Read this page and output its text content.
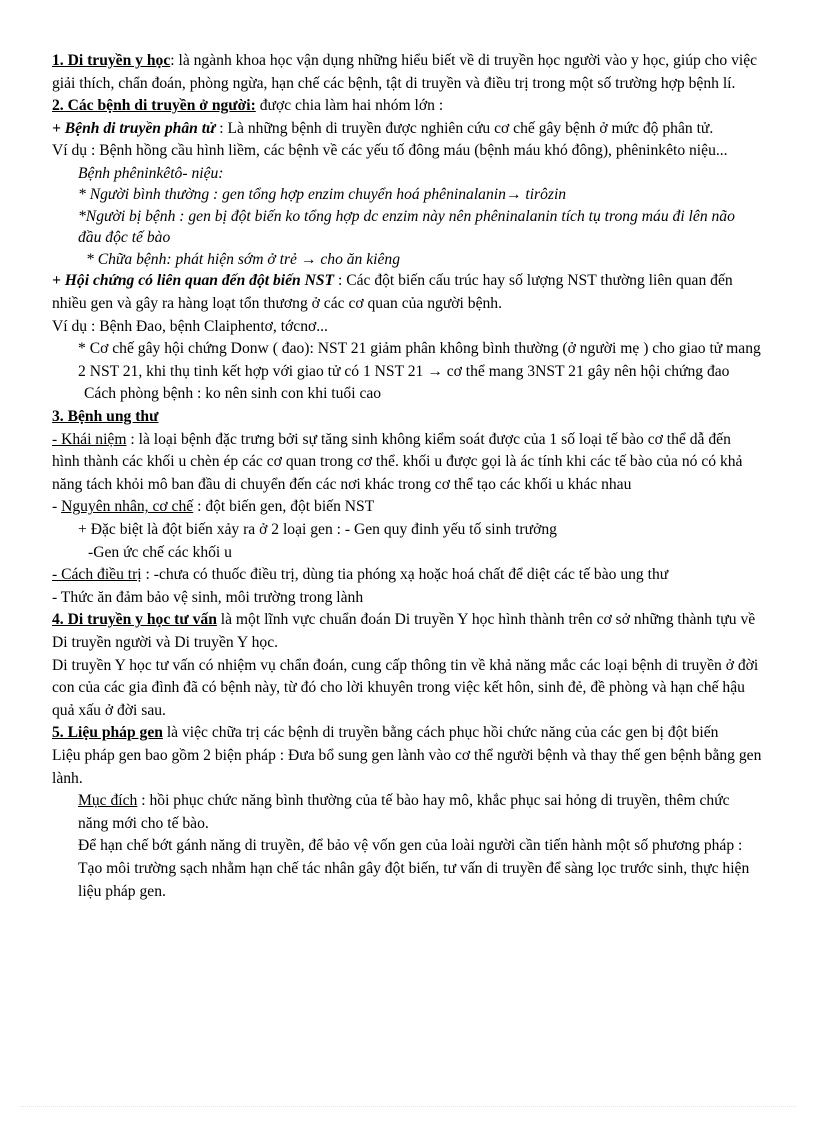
1. Di truyền y học: là ngành khoa học vận dụng những hiểu biết về di truyền học người vào y học, giúp cho việc giải thích, chẩn đoán, phòng ngừa, hạn chế các bệnh, tật di truyền và điều trị trong một số trường hợp bệnh lí.

2. Các bệnh di truyền ở người: được chia làm hai nhóm lớn :

+ Bệnh di truyền phân tử : Là những bệnh di truyền được nghiên cứu cơ chế gây bệnh ở mức độ phân tử.

Ví dụ : Bệnh hồng cầu hình liềm, các bệnh về các yếu tố đông máu (bệnh máu khó đông), phêninkêto niệu...

Bệnh phêninkêtô- niệu:

* Người bình thường : gen tổng hợp enzim chuyển hoá phêninalanin→ tirôzin

*Người bị bệnh : gen bị đột biến ko tổng hợp dc enzim này nên phêninalanin tích tụ trong máu đi lên não đầu độc tế bào

* Chữa bệnh: phát hiện sớm ở trẻ → cho ăn kiêng

+ Hội chứng có liên quan đến đột biến NST : Các đột biến cấu trúc hay số lượng NST thường liên quan đến nhiều gen và gây ra hàng loạt tổn thương ở các cơ quan của người bệnh.

Ví dụ : Bệnh Đao, bệnh Claiphentơ, tớcnơ...

* Cơ chế gây hội chứng Donw ( đao): NST 21 giảm phân không bình thường (ở người mẹ ) cho giao tử mang 2 NST 21, khi thụ tinh kết hợp với giao tử có 1 NST 21 → cơ thể mang 3NST 21 gây nên hội chứng đao

Cách phòng bệnh : ko nên sinh con khi tuổi cao

3. Bệnh ung thư

- Khái niệm : là loại bệnh đặc trưng bởi sự tăng sinh không kiểm soát được của 1 số loại tế bào cơ thể dẫ đến hình thành các khối u chèn ép các cơ quan trong cơ thể. khối u được gọi là ác tính khi các tế bào của nó có khả năng tách khỏi mô ban đầu di chuyển đến các nơi khác trong cơ thể tạo các khối u khác nhau

- Nguyên nhân, cơ chế : đột biến gen, đột biến NST

+ Đặc biệt là đột biến xảy ra ở 2 loại gen : - Gen quy đinh yếu tố sinh trưởng

-Gen ức chế các khối u

- Cách điều trị : -chưa có thuốc điều trị, dùng tia phóng xạ hoặc hoá chất để diệt các tế bào ung thư

- Thức ăn đảm bảo vệ sinh, môi trường trong lành

4. Di truyền y học tư vấn là một lĩnh vực chuẩn đoán Di truyền Y học hình thành trên cơ sở những thành tựu về Di truyền người và Di truyền Y học.

Di truyền Y học tư vấn có nhiệm vụ chẩn đoán, cung cấp thông tin về khả năng mắc các loại bệnh di truyền ở đời con của các gia đình đã có bệnh này, từ đó cho lời khuyên trong việc kết hôn, sinh đẻ, đề phòng và hạn chế hậu quả xấu ở đời sau.

5. Liệu pháp gen là việc chữa trị các bệnh di truyền bằng cách phục hồi chức năng của các gen bị đột biến

Liệu pháp gen bao gồm 2 biện pháp : Đưa bổ sung gen lành vào cơ thể người bệnh và thay thế gen bệnh bằng gen lành.

Mục đích : hồi phục chức năng bình thường của tế bào hay mô, khắc phục sai hỏng di truyền, thêm chức năng mới cho tế bào.

Để hạn chế bớt gánh năng di truyền, để bảo vệ vốn gen của loài người cần tiến hành một số phương pháp : Tạo môi trường sạch nhằm hạn chế tác nhân gây đột biến, tư vấn di truyền để sàng lọc trước sinh, thực hiện liệu pháp gen.
